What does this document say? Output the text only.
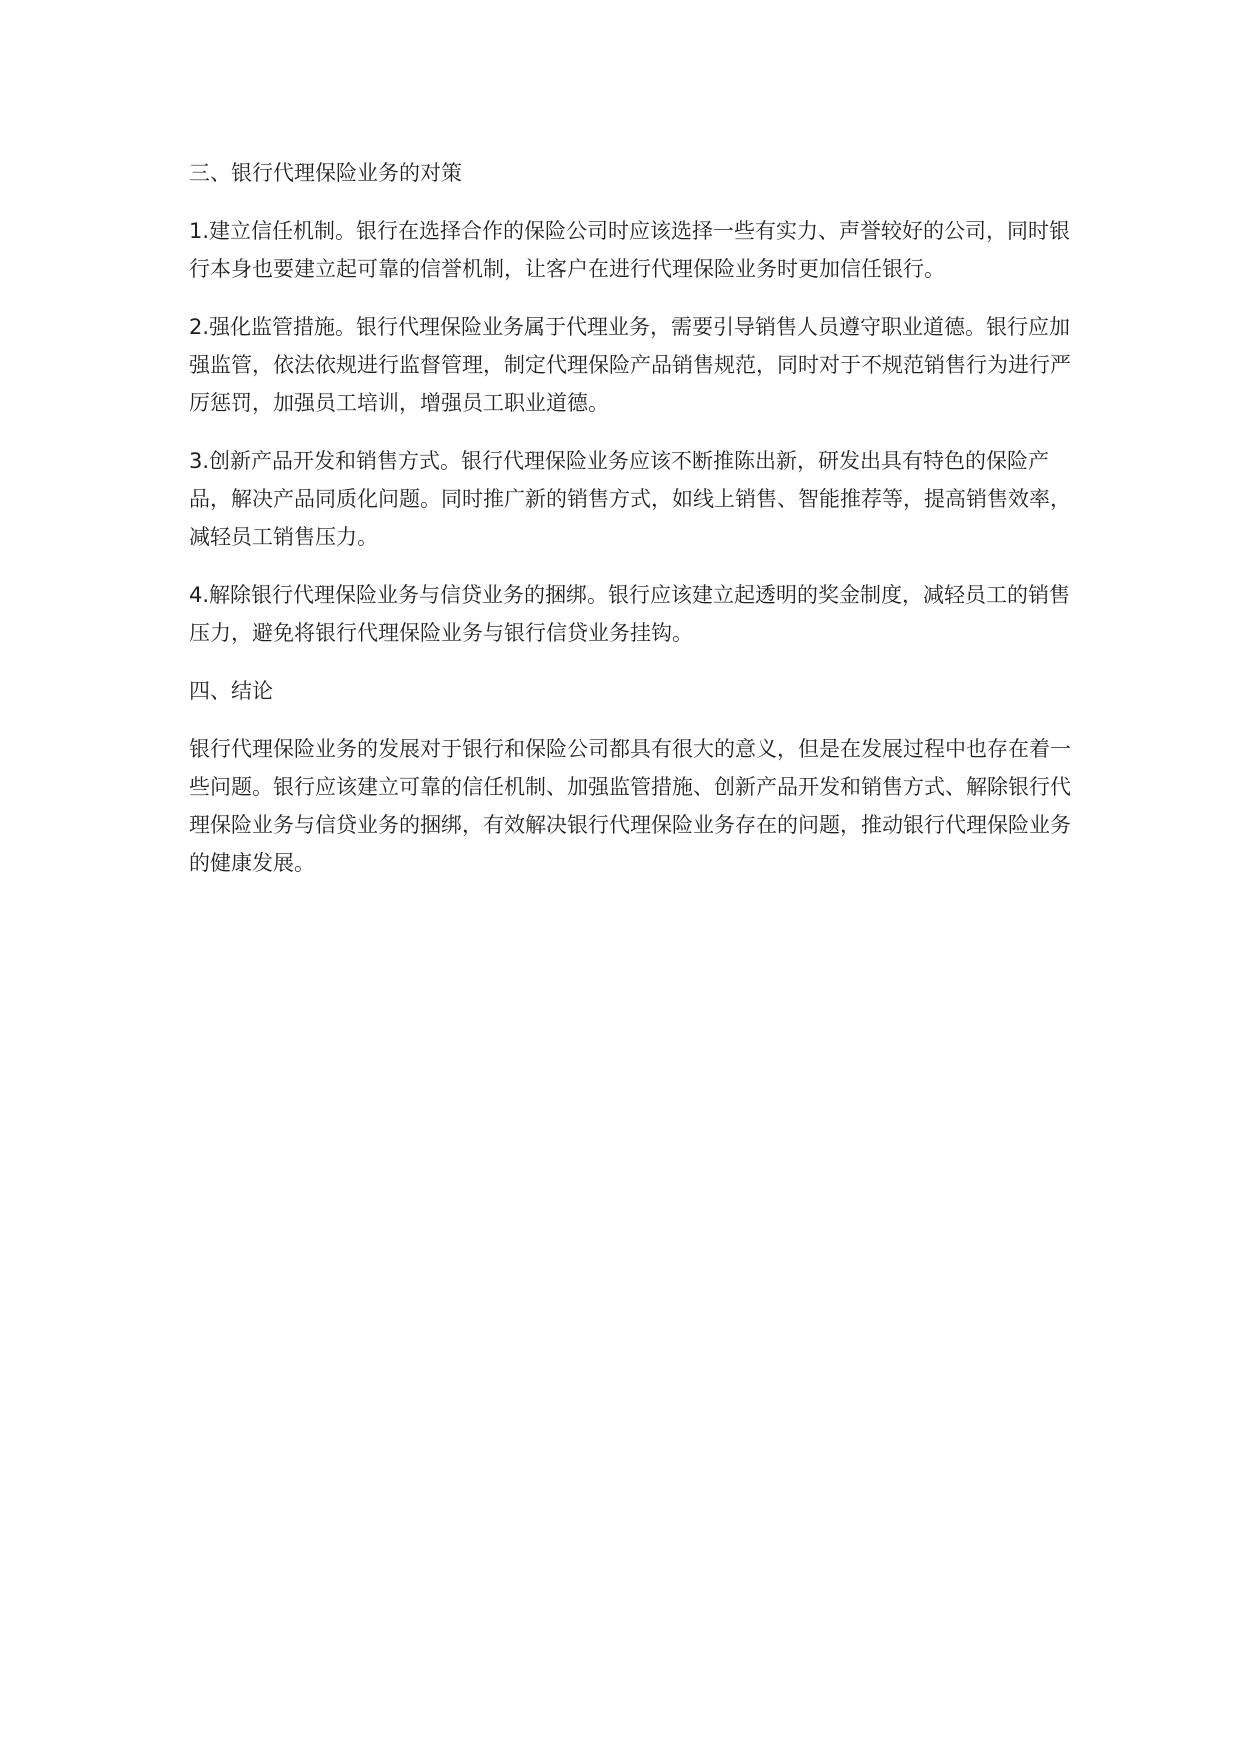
三、银行代理保险业务的对策

1.建立信任机制。银行在选择合作的保险公司时应该选择一些有实力、声誉较好的公司，同时银行本身也要建立起可靠的信誉机制，让客户在进行代理保险业务时更加信任银行。

2.强化监管措施。银行代理保险业务属于代理业务，需要引导销售人员遵守职业道德。银行应加强监管，依法依规进行监督管理，制定代理保险产品销售规范，同时对于不规范销售行为进行严厉惩罚，加强员工培训，增强员工职业道德。

3.创新产品开发和销售方式。银行代理保险业务应该不断推陈出新，研发出具有特色的保险产品，解决产品同质化问题。同时推广新的销售方式，如线上销售、智能推荐等，提高销售效率，减轻员工销售压力。

4.解除银行代理保险业务与信贷业务的捆绑。银行应该建立起透明的奖金制度，减轻员工的销售压力，避免将银行代理保险业务与银行信贷业务挂钩。

四、结论

银行代理保险业务的发展对于银行和保险公司都具有很大的意义，但是在发展过程中也存在着一些问题。银行应该建立可靠的信任机制、加强监管措施、创新产品开发和销售方式、解除银行代理保险业务与信贷业务的捆绑，有效解决银行代理保险业务存在的问题，推动银行代理保险业务的健康发展。
